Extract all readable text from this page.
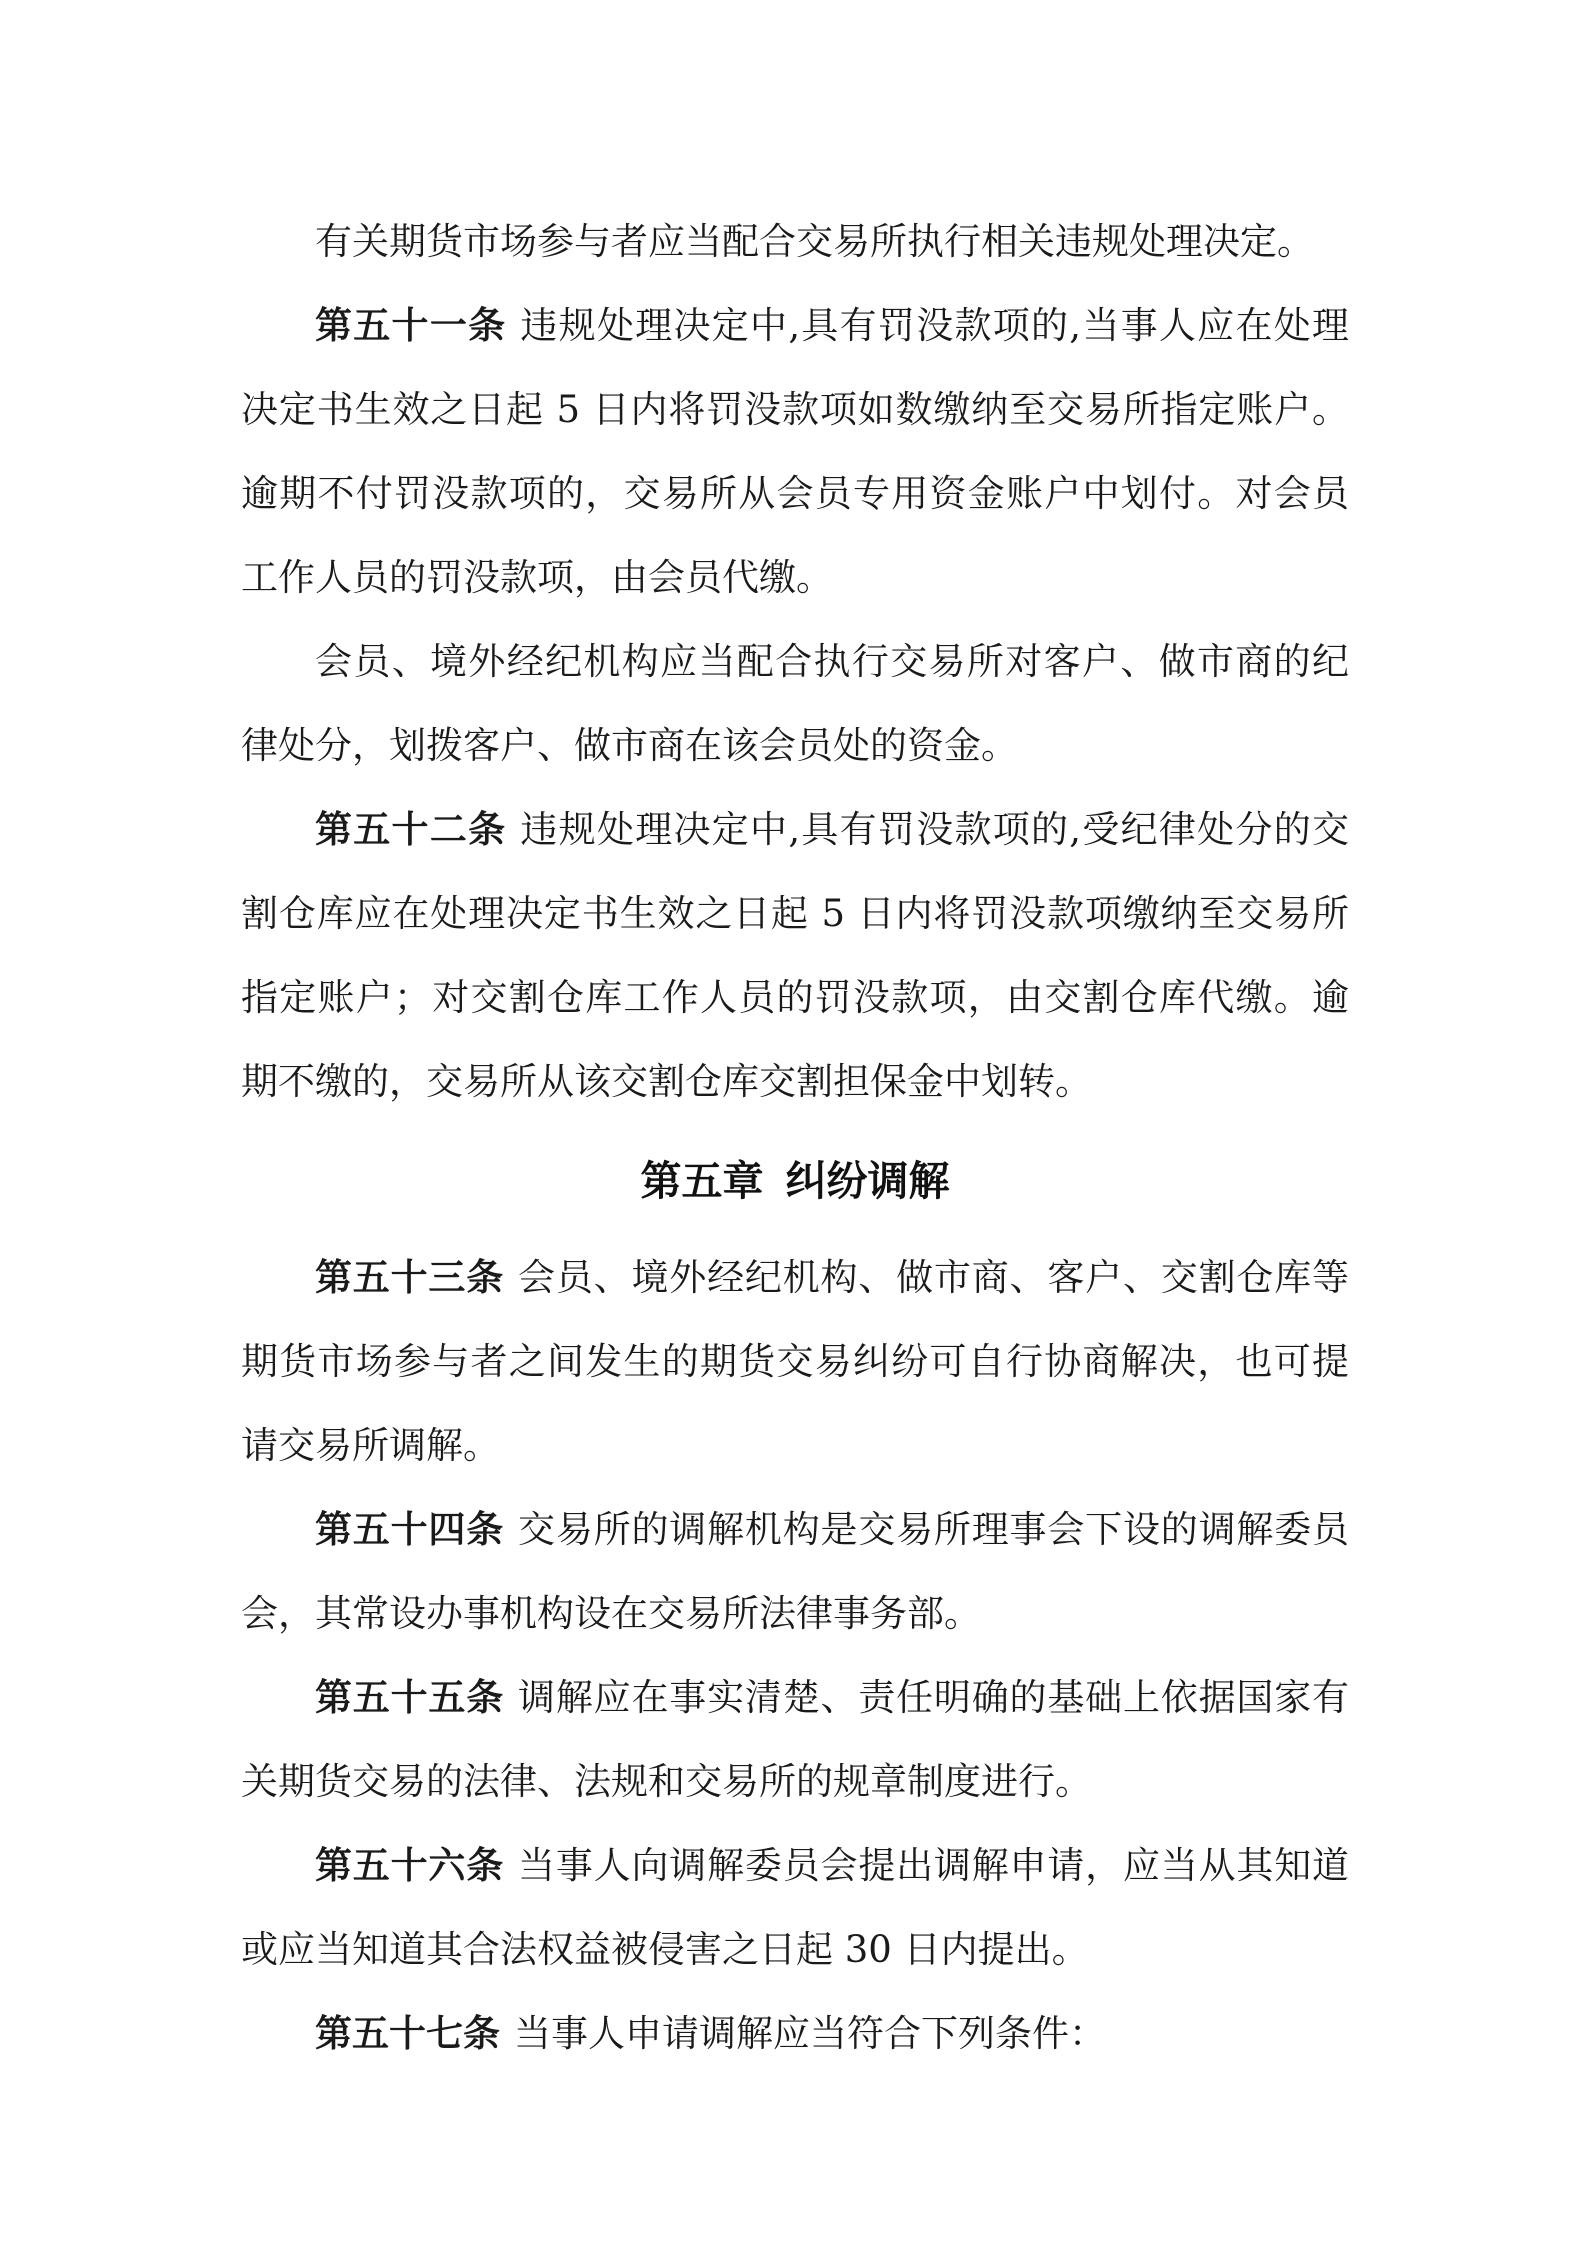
有关期货市场参与者应当配合交易所执行相关违规处理决定。

第五十一条 违规处理决定中,具有罚没款项的,当事人应在处理决定书生效之日起 5 日内将罚没款项如数缴纳至交易所指定账户。逾期不付罚没款项的，交易所从会员专用资金账户中划付。对会员工作人员的罚没款项，由会员代缴。

会员、境外经纪机构应当配合执行交易所对客户、做市商的纪律处分，划拨客户、做市商在该会员处的资金。

第五十二条 违规处理决定中,具有罚没款项的,受纪律处分的交割仓库应在处理决定书生效之日起 5 日内将罚没款项缴纳至交易所指定账户；对交割仓库工作人员的罚没款项，由交割仓库代缴。逾期不缴的，交易所从该交割仓库交割担保金中划转。

第五章 纠纷调解

第五十三条 会员、境外经纪机构、做市商、客户、交割仓库等期货市场参与者之间发生的期货交易纠纷可自行协商解决，也可提请交易所调解。

第五十四条 交易所的调解机构是交易所理事会下设的调解委员会，其常设办事机构设在交易所法律事务部。

第五十五条 调解应在事实清楚、责任明确的基础上依据国家有关期货交易的法律、法规和交易所的规章制度进行。

第五十六条 当事人向调解委员会提出调解申请，应当从其知道或应当知道其合法权益被侵害之日起 30 日内提出。

第五十七条 当事人申请调解应当符合下列条件：
